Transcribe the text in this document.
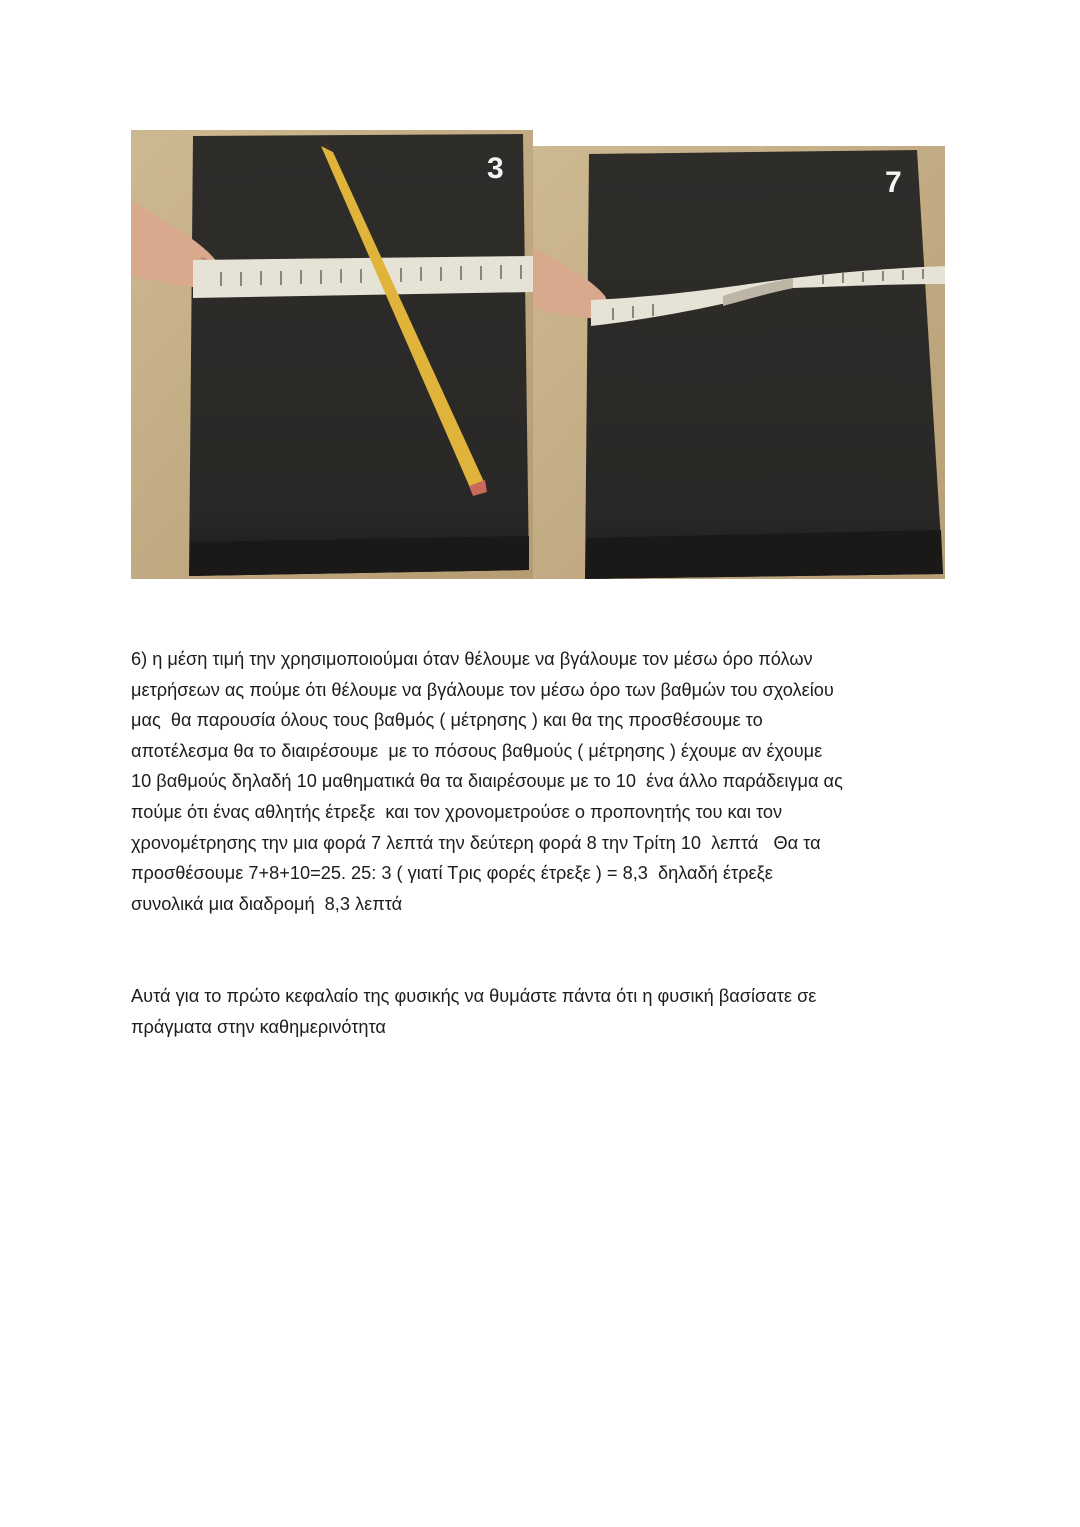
3	7

6) η μέση τιμή την χρησιμοποιούμαι όταν θέλουμε να βγάλουμε τον μέσω όρο πόλων

μετρήσεων ας πούμε ότι θέλουμε να βγάλουμε τον μέσω όρο των βαθμών του σχολείου

μας  θα παρουσία όλους τους βαθμός ( μέτρησης ) και θα της προσθέσουμε το

αποτέλεσμα θα το διαιρέσουμε  με το πόσους βαθμούς ( μέτρησης ) έχουμε αν έχουμε

10 βαθμούς δηλαδή 10 μαθηματικά θα τα διαιρέσουμε με το 10  ένα άλλο παράδειγμα ας

πούμε ότι ένας αθλητής έτρεξε  και τον χρονομετρούσε ο προπονητής του και τον

χρονομέτρησης την μια φορά 7 λεπτά την δεύτερη φορά 8 την Τρίτη 10  λεπτά   Θα τα

προσθέσουμε 7+8+10=25. 25: 3 ( γιατί Τρις φορές έτρεξε ) = 8,3  δηλαδή έτρεξε

συνολικά μια διαδρομή  8,3 λεπτά

Αυτά για το πρώτο κεφαλαίο της φυσικής να θυμάστε πάντα ότι η φυσική βασίσατε σε

πράγματα στην καθημερινότητα
